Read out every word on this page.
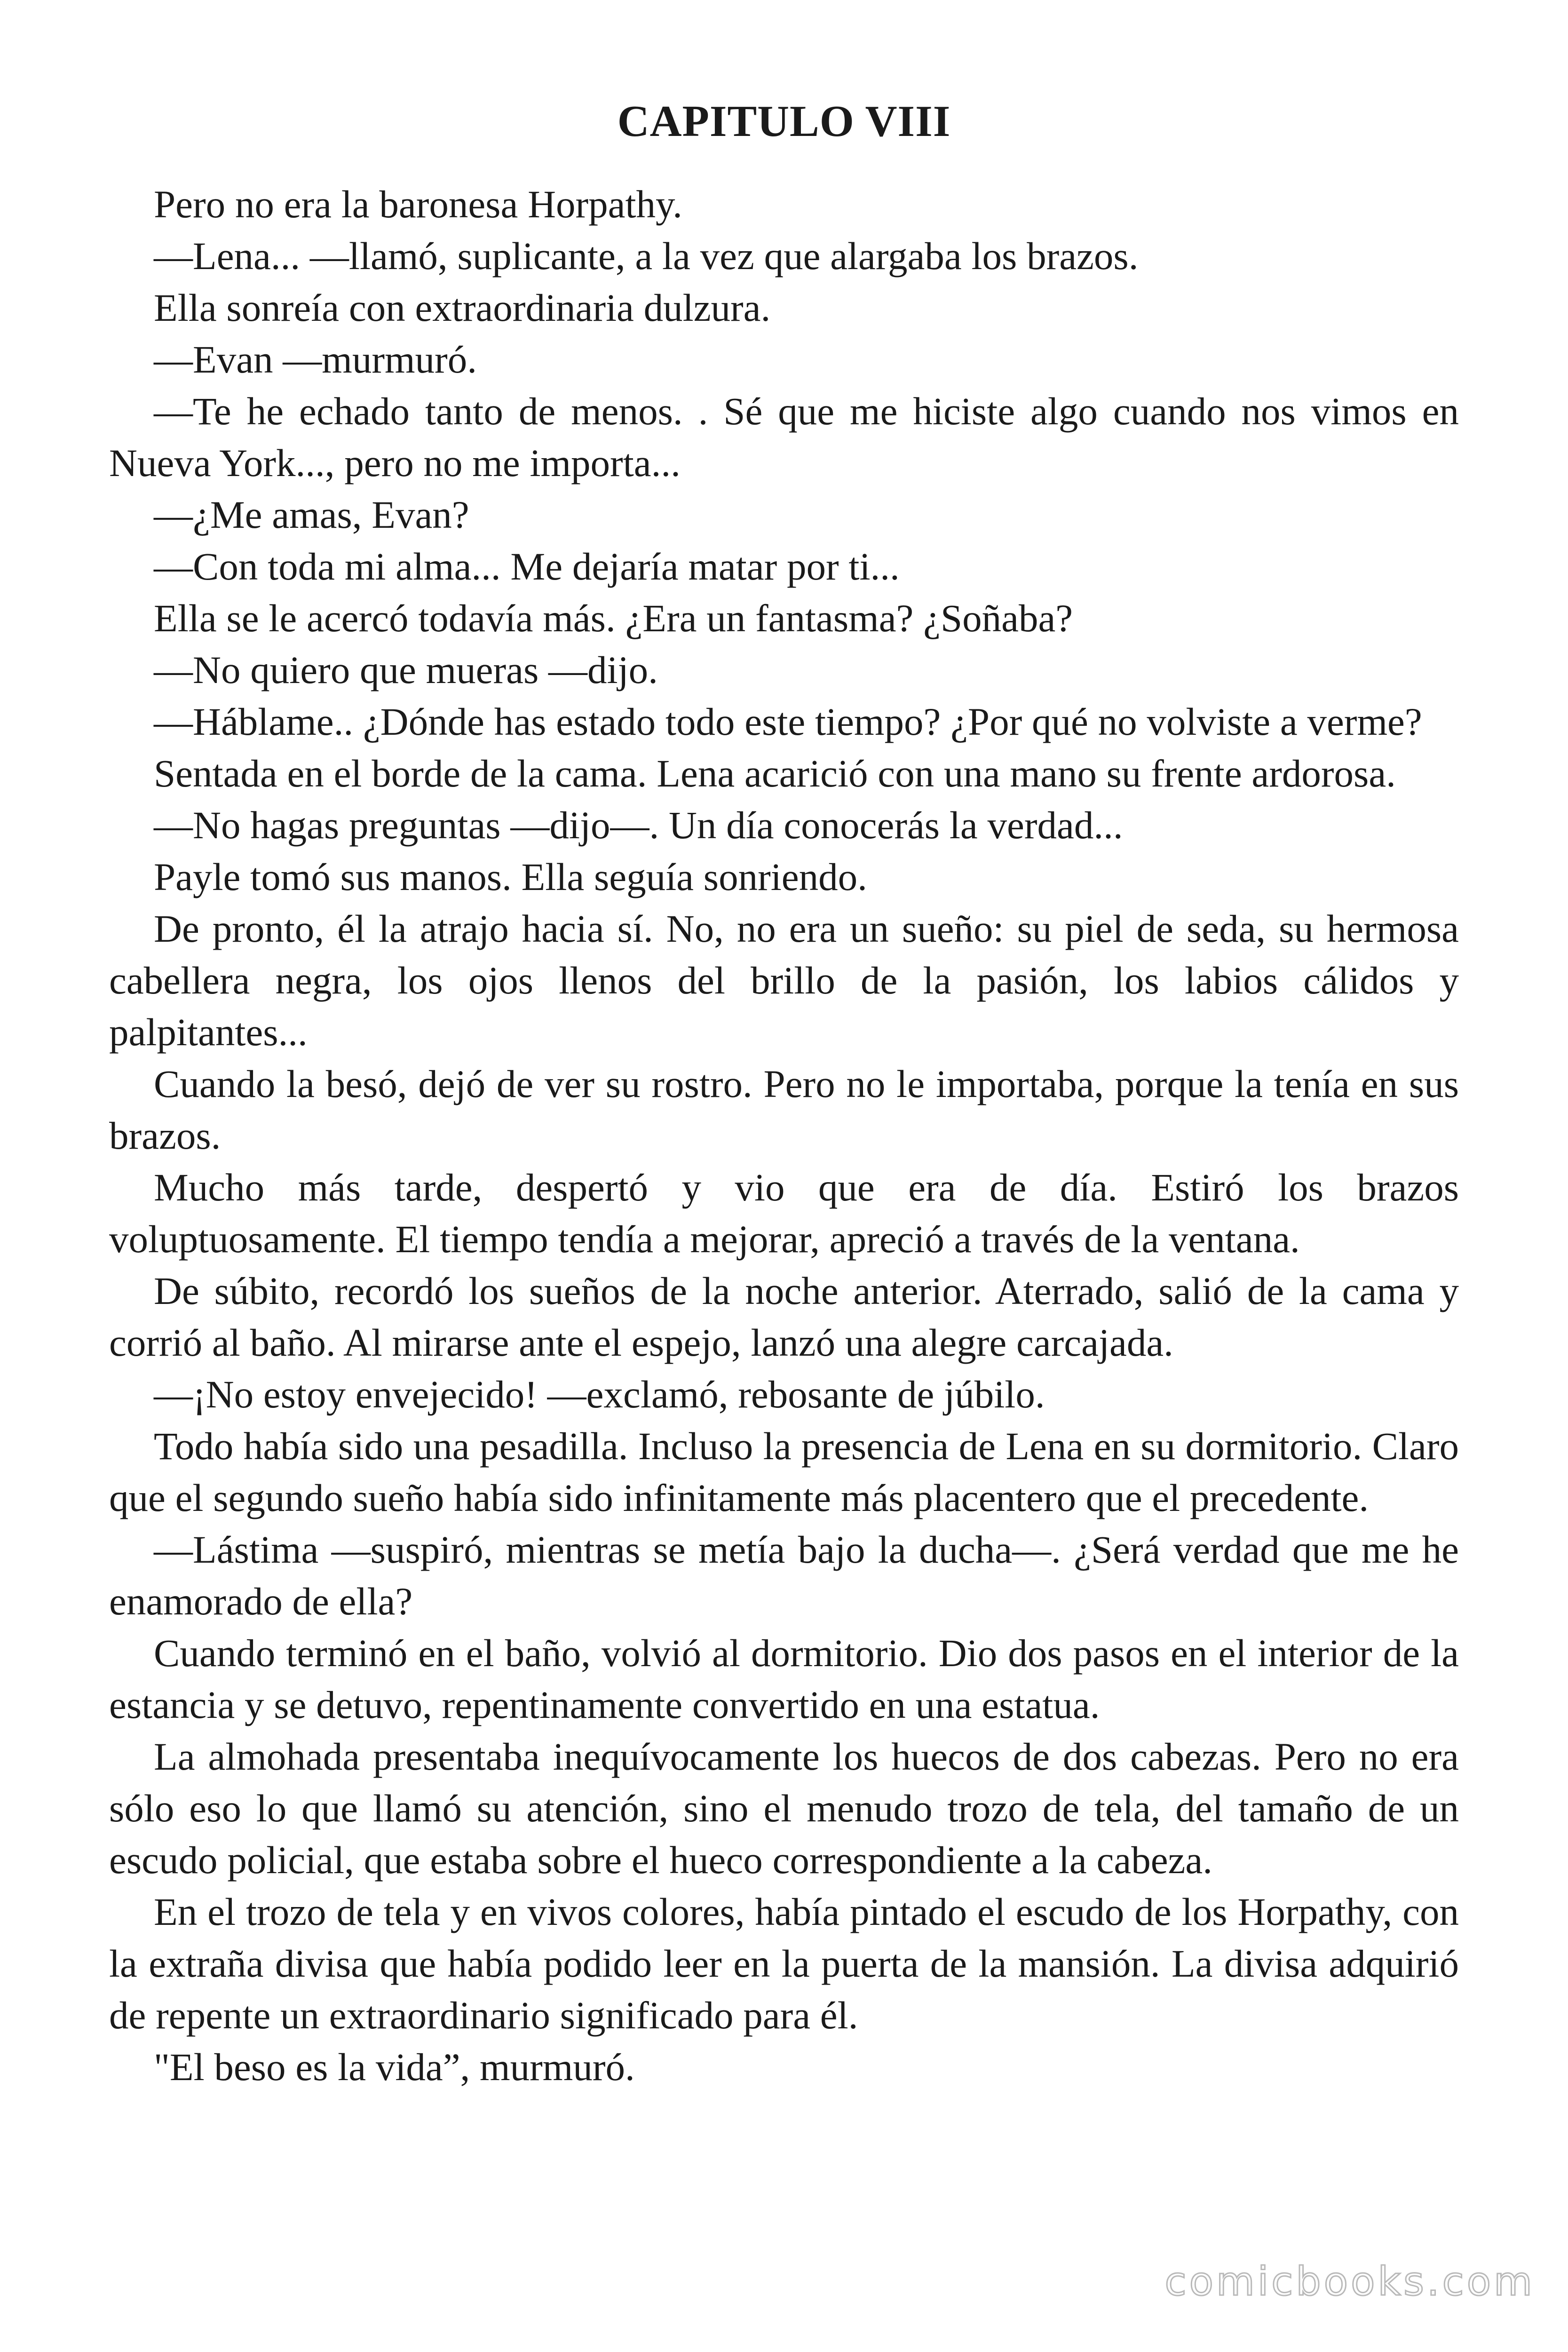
CAPITULO VIII

Pero no era la baronesa Horpathy.

—Lena... —llamó, suplicante, a la vez que alargaba los brazos.

Ella sonreía con extraordinaria dulzura.

—Evan —murmuró.

—Te he echado tanto de menos. . Sé que me hiciste algo cuando nos vimos en Nueva York..., pero no me importa...

—¿Me amas, Evan?

—Con toda mi alma... Me dejaría matar por ti...

Ella se le acercó todavía más. ¿Era un fantasma? ¿Soñaba?

—No quiero que mueras —dijo.

—Háblame.. ¿Dónde has estado todo este tiempo? ¿Por qué no volviste a verme?

Sentada en el borde de la cama. Lena acarició con una mano su frente ardorosa.

—No hagas preguntas —dijo—. Un día conocerás la verdad...

Payle tomó sus manos. Ella seguía sonriendo.

De pronto, él la atrajo hacia sí. No, no era un sueño: su piel de seda, su hermosa cabellera negra, los ojos llenos del brillo de la pasión, los labios cálidos y palpitantes...

Cuando la besó, dejó de ver su rostro. Pero no le importaba, porque la tenía en sus brazos.

Mucho más tarde, despertó y vio que era de día. Estiró los brazos voluptuosamente. El tiempo tendía a mejorar, apreció a través de la ventana.

De súbito, recordó los sueños de la noche anterior. Aterrado, salió de la cama y corrió al baño. Al mirarse ante el espejo, lanzó una alegre carcajada.

—¡No estoy envejecido! —exclamó, rebosante de júbilo.

Todo había sido una pesadilla. Incluso la presencia de Lena en su dormitorio. Claro que el segundo sueño había sido infinitamente más placentero que el precedente.

—Lástima —suspiró, mientras se metía bajo la ducha—. ¿Será verdad que me he enamorado de ella?

Cuando terminó en el baño, volvió al dormitorio. Dio dos pasos en el interior de la estancia y se detuvo, repentinamente convertido en una estatua.

La almohada presentaba inequívocamente los huecos de dos cabezas. Pero no era sólo eso lo que llamó su atención, sino el menudo trozo de tela, del tamaño de un escudo policial, que estaba sobre el hueco correspondiente a la cabeza.

En el trozo de tela y en vivos colores, había pintado el escudo de los Horpathy, con la extraña divisa que había podido leer en la puerta de la mansión. La divisa adquirió de repente un extraordinario significado para él.

"El beso es la vida”, murmuró.

comicbooks.com
